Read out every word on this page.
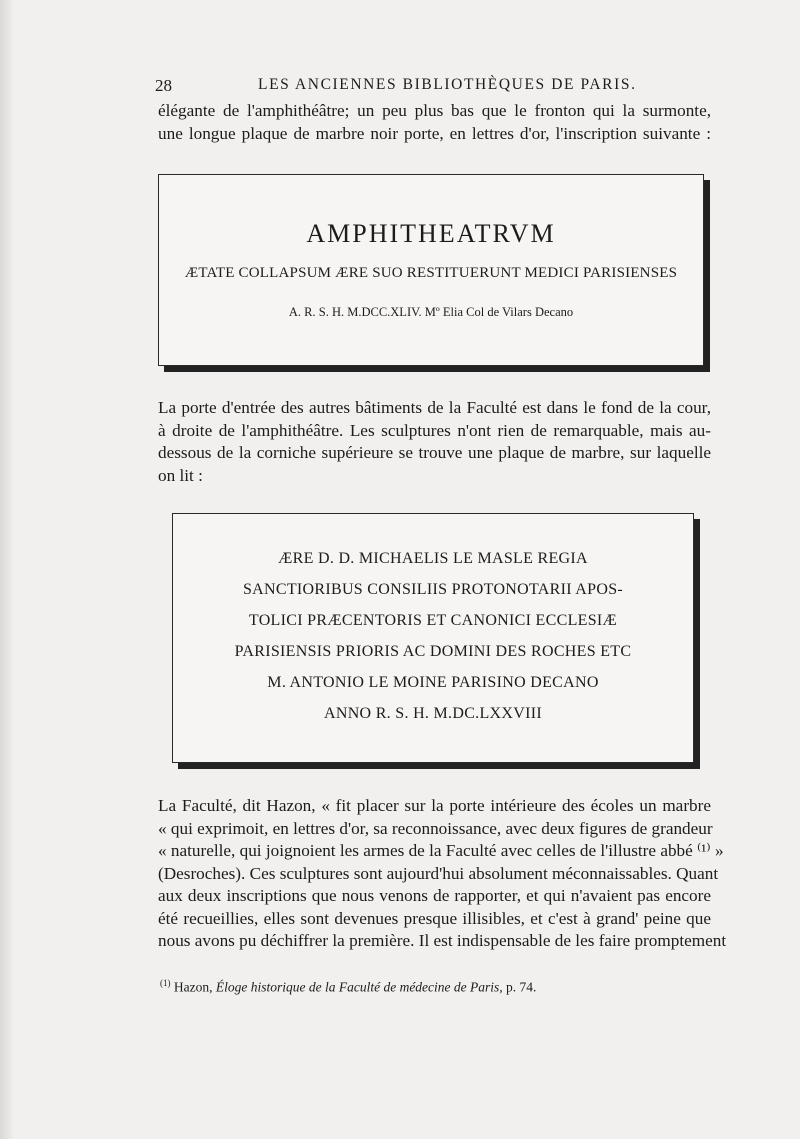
28	LES ANCIENNES BIBLIOTHÈQUES DE PARIS.
élégante de l'amphithéâtre; un peu plus bas que le fronton qui la surmonte,
une longue plaque de marbre noir porte, en lettres d'or, l'inscription suivante :
AMPHITHEATRVM
ÆTATE COLLAPSUM ÆRE SUO RESTITUERUNT MEDICI PARISIENSES
A. R. S. H. M.DCC.XLIV. Mº Elia Col de Vilars Decano
La porte d'entrée des autres bâtiments de la Faculté est dans le fond de la cour,
à droite de l'amphithéâtre. Les sculptures n'ont rien de remarquable, mais au-
dessous de la corniche supérieure se trouve une plaque de marbre, sur laquelle
on lit :
ÆRE D. D. MICHAELIS LE MASLE REGIA
SANCTIORIBUS CONSILIIS PROTONOTARII APOS-
TOLICI PRÆCENTORIS ET CANONICI ECCLESIÆ
PARISIENSIS PRIORIS AC DOMINI DES ROCHES ETC
M. ANTONIO LE MOINE PARISINO DECANO
ANNO R. S. H. M.DC.LXXVIII
La Faculté, dit Hazon, « fit placer sur la porte intérieure des écoles un marbre
« qui exprimoit, en lettres d'or, sa reconnoissance, avec deux figures de grandeur
« naturelle, qui joignoient les armes de la Faculté avec celles de l'illustre abbé ⁽¹⁾ »
(Desroches). Ces sculptures sont aujourd'hui absolument méconnaissables. Quant
aux deux inscriptions que nous venons de rapporter, et qui n'avaient pas encore
été recueillies, elles sont devenues presque illisibles, et c'est à grand' peine que
nous avons pu déchiffrer la première. Il est indispensable de les faire promptement
$^{(1)}$ Hazon, Éloge historique de la Faculté de médecine de Paris, p. 74.
